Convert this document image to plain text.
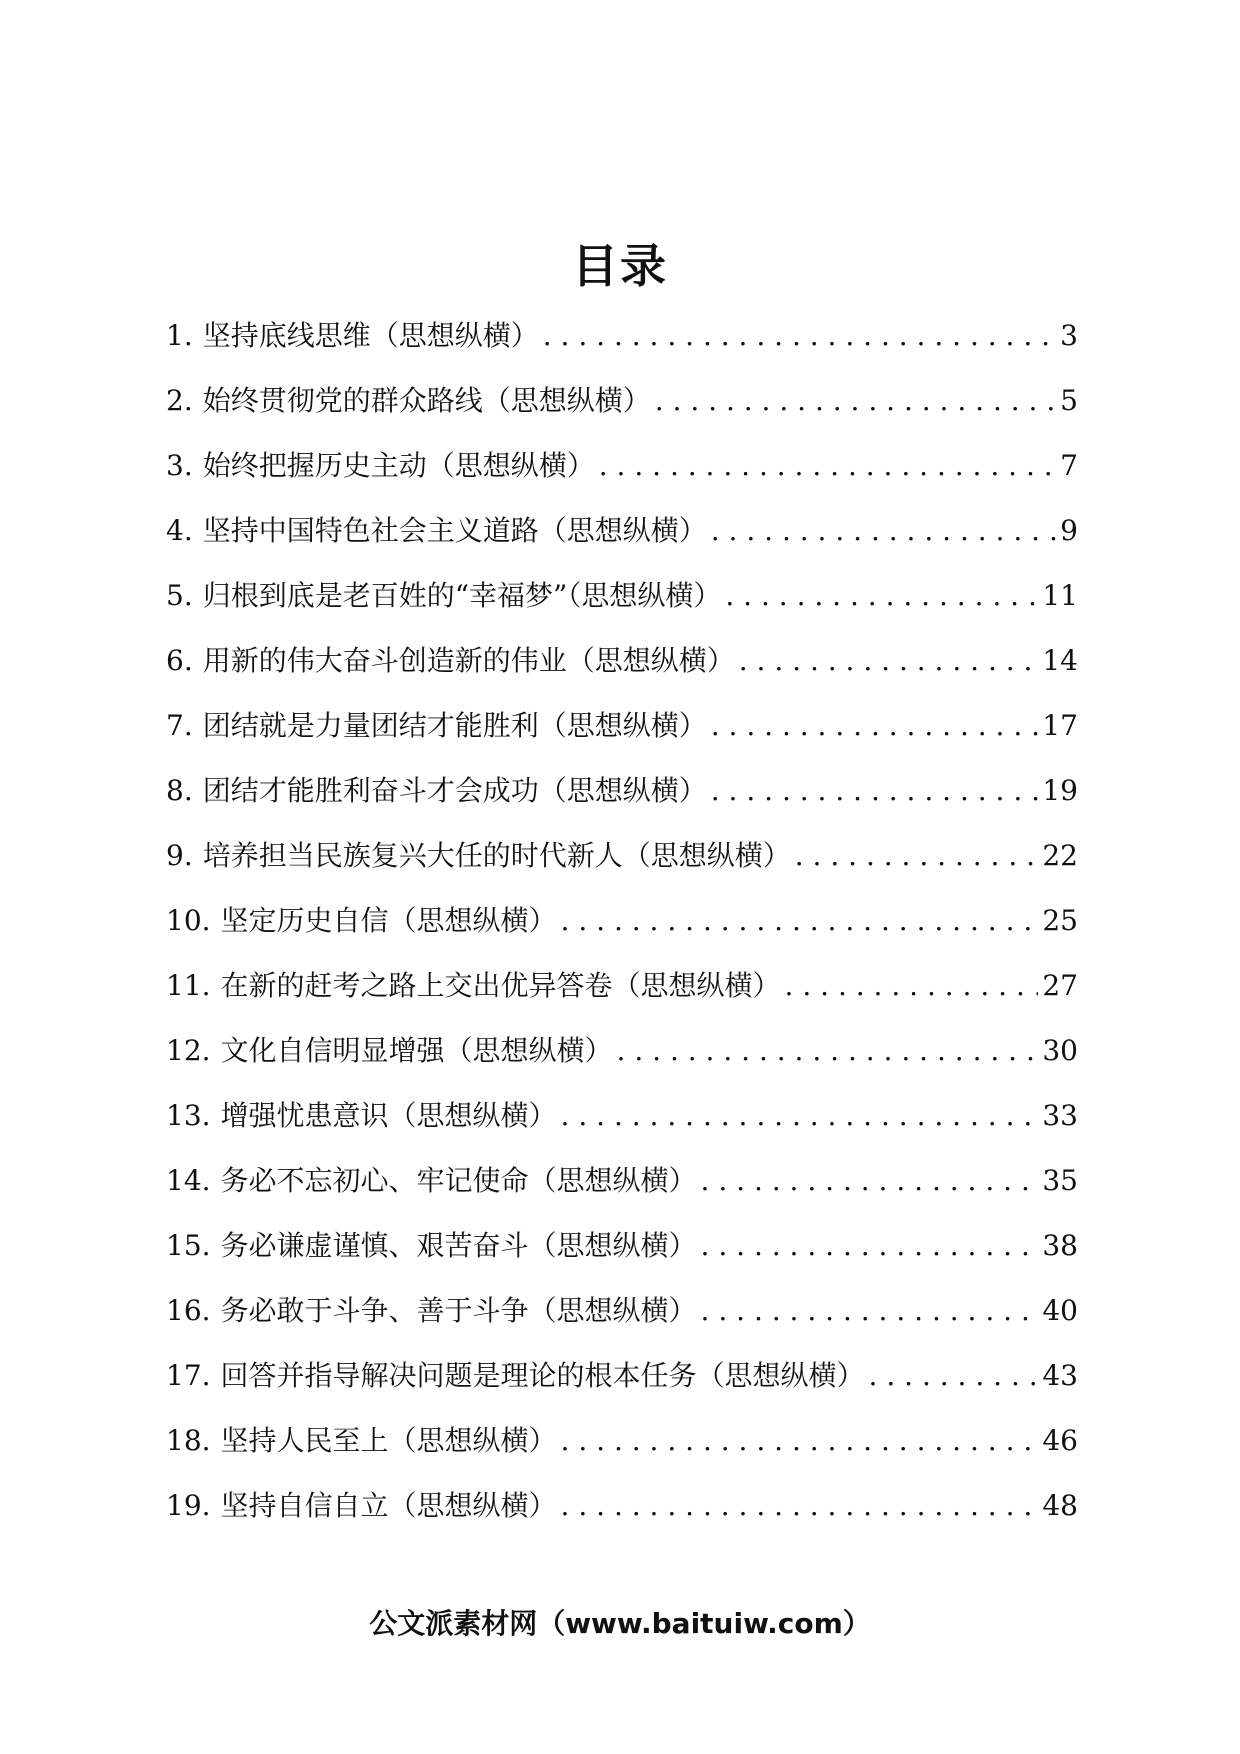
目录
1. 坚持底线思维（思想纵横） . . .	3
2. 始终贯彻党的群众路线（思想纵横） . . .	5
3. 始终把握历史主动（思想纵横） . . .	7
4. 坚持中国特色社会主义道路（思想纵横） . . .	9
5. 归根到底是老百姓的“幸福梦”（思想纵横） . . .	11
6. 用新的伟大奋斗创造新的伟业（思想纵横） . . .	14
7. 团结就是力量团结才能胜利（思想纵横） . . .	17
8. 团结才能胜利奋斗才会成功（思想纵横） . . .	19
9. 培养担当民族复兴大任的时代新人（思想纵横） . . .	22
10. 坚定历史自信（思想纵横） . . .	25
11. 在新的赶考之路上交出优异答卷（思想纵横） . . .	27
12. 文化自信明显增强（思想纵横） . . .	30
13. 增强忧患意识（思想纵横） . . .	33
14. 务必不忘初心、牢记使命（思想纵横） . . .	35
15. 务必谦虚谨慎、艰苦奋斗（思想纵横） . . .	38
16. 务必敢于斗争、善于斗争（思想纵横） . . .	40
17. 回答并指导解决问题是理论的根本任务（思想纵横） . . .	43
18. 坚持人民至上（思想纵横） . . .	46
19. 坚持自信自立（思想纵横） . . .	48
公文派素材网（www.baituiw.com）
